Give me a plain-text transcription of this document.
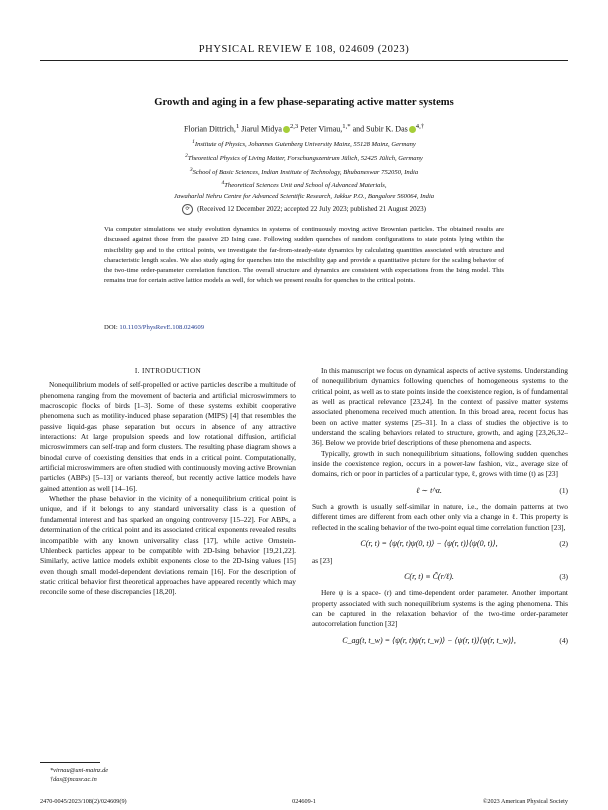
PHYSICAL REVIEW E 108, 024609 (2023)
Growth and aging in a few phase-separating active matter systems
Florian Dittrich,$^1$ Jiarul Midya $^{2,3}$ Peter Virnau,$^{1,*}$ and Subir K. Das $^{4,\dagger}$
$^1$Institute of Physics, Johannes Gutenberg University Mainz, 55128 Mainz, Germany
$^2$Theoretical Physics of Living Matter, Forschungszentrum Jülich, 52425 Jülich, Germany
$^3$School of Basic Sciences, Indian Institute of Technology, Bhubaneswar 752050, India
$^4$Theoretical Sciences Unit and School of Advanced Materials,
Jawaharlal Nehru Centre for Advanced Scientific Research, Jakkur P.O., Bangalore 560064, India
⟳ (Received 12 December 2022; accepted 22 July 2023; published 21 August 2023)
Via computer simulations we study evolution dynamics in systems of continuously moving active Brownian particles. The obtained results are discussed against those from the passive 2D Ising case. Following sudden quenches of random configurations to state points lying within the miscibility gap and to the critical points, we investigate the far-from-steady-state dynamics by calculating quantities associated with structure and characteristic length scales. We also study aging for quenches into the miscibility gap and provide a quantitative picture for the scaling behavior of the two-time order-parameter correlation function. The overall structure and dynamics are consistent with expectations from the Ising model. This remains true for certain active lattice models as well, for which we present results for quenches to the critical points.
DOI: 10.1103/PhysRevE.108.024609
I. INTRODUCTION

Nonequilibrium models of self-propelled or active particles describe a multitude of phenomena ranging from the movement of bacteria and artificial microswimmers to macroscopic flocks of birds [1–3]. Some of these systems exhibit cooperative phenomena such as motility-induced phase separation (MIPS) [4] that resembles the passive liquid-gas phase separation but occurs in absence of any attractive interactions: At large propulsion speeds and low rotational diffusion, artificial microswimmers can self-trap and form clusters. The resulting phase diagram shows a binodal curve of coexisting densities that ends in a critical point. Computationally, artificial microswimmers are often studied with continuously moving active Brownian particles (ABPs) [5–13] or variants thereof, but recently active lattice models have gained attention as well [14–16].

Whether the phase behavior in the vicinity of a nonequilibrium critical point is unique, and if it belongs to any standard universality class is a question of fundamental interest and has sparked an ongoing controversy [15–22]. For ABPs, a determination of the critical point and its associated critical exponents revealed results incompatible with any known universality class [17], while active Ornstein-Uhlenbeck particles appear to be compatible with 2D-Ising behavior [19,21,22]. Similarly, active lattice models exhibit exponents close to the 2D-Ising values [15] even though small model-dependent deviations remain [16]. For the description of static critical behavior first theoretical approaches have appeared recently which may reconcile some of these discrepancies [18,20].

In this manuscript we focus on dynamical aspects of active systems. Understanding of nonequilibrium dynamics following quenches of homogeneous systems to the critical point, as well as to state points inside the coexistence region, is of fundamental as well as practical relevance [23,24]. In the context of passive matter systems associated phenomena received much attention. In this broad area, recent focus has been on active matter systems [25–31]. In a class of studies the objective is to understand the scaling behaviors related to structure, growth, and aging [23,26,32–36]. Below we provide brief descriptions of these phenomena and aspects.

Typically, growth in such nonequilibrium situations, following sudden quenches inside the coexistence region, occurs in a power-law fashion, viz., average size of domains, rich or poor in particles of a particular type, ℓ, grows with time (t) as [23]

ℓ ∼ t^α.	(1)

Such a growth is usually self-similar in nature, i.e., the domain patterns at two different times are different from each other only via a change in ℓ. This property is reflected in the scaling behavior of the two-point equal time correlation function [23],

C(r, t) = ⟨ψ(r, t)ψ(0, t)⟩ − ⟨ψ(r, t)⟩⟨ψ(0, t)⟩,	(2)

as [23]

C(r, t) ≡ C̃(r/ℓ).	(3)

Here ψ is a space- (r) and time-dependent order parameter. Another important property associated with such nonequilibrium systems is the aging phenomena. This can be captured in the relaxation behavior of the two-time order-parameter autocorrelation function [32]

C_ag(t, t_w) = ⟨ψ(r, t)ψ(r, t_w)⟩ − ⟨ψ(r, t)⟩⟨ψ(r, t_w)⟩,	(4)
*virnau@uni-mainz.de
†das@jncasr.ac.in
2470-0045/2023/108(2)/024609(9)	024609-1	©2023 American Physical Society
